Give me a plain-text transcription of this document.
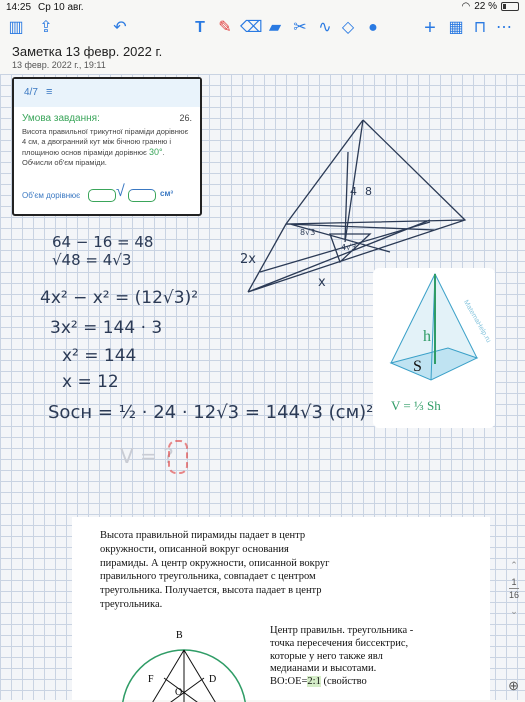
14:25 Ср 10 авг.	◠ 22 %
▥ ⇪	↶	T ✎ ⌫ ▰ ✂ ∿ ◇ ● + ▦ ⊓ ⋯
Заметка 13 февр. 2022 г.
13 февр. 2022 г., 19:11
4/7 ≡
Умова завдання:	26.
Висота правильної трикутної піраміди дорівнює 4 см, а двогранний кут між бічною гранню і площиною основ піраміди дорівнює 30°. Обчисли об'єм піраміди.
Об'єм дорівнює √	см³	4 8
8√3
4√3
2x
x
64 − 16 = 48
√48 = 4√3
4x² − x² = (12√3)²
3x² = 144 · 3
x² = 144
x = 12
Sосн = ½ · 24 · 12√3 = 144√3 (см)²
V = ?
h
S
MatemaHelp.ru
V = ⅓ Sh
Высота правильной пирамиды падает в центр окружности, описанной вокруг основания пирамиды. А центр окружности, описанной вокруг правильного треугольника, совпадает с центром треугольника. Получается, высота падает в центр треугольника.
Центр правильн. треугольника - точка пересечения биссектрис, которые у него также явл медианами и высотами. BO:OE=2:1 (свойство
B
F	D
O
⌃
1
16
⌄
⊕
